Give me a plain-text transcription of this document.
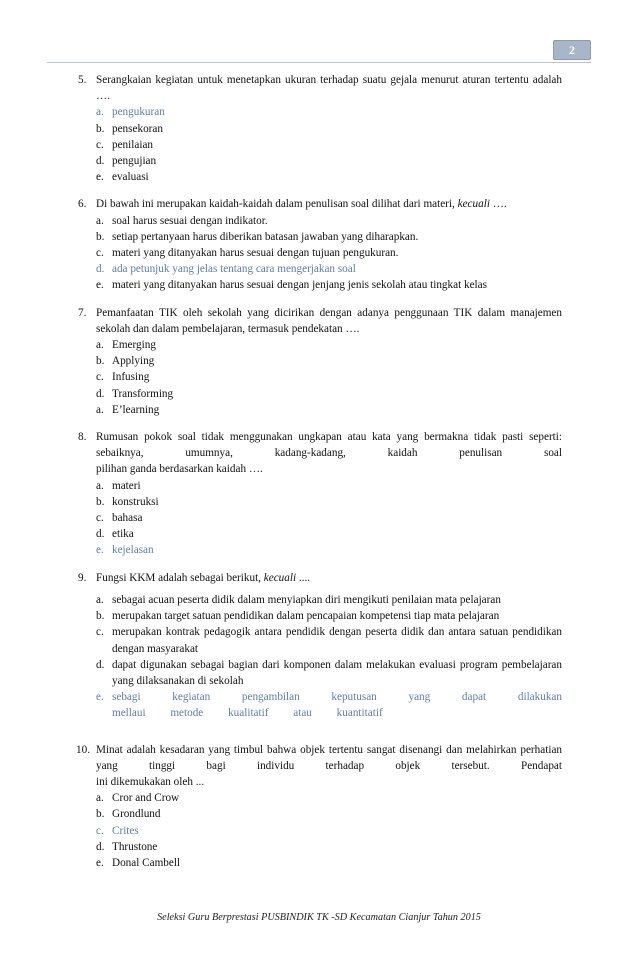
2
5. Serangkaian kegiatan untuk menetapkan ukuran terhadap suatu gejala menurut aturan tertentu adalah ….
a. pengukuran
b. pensekoran
c. penilaian
d. pengujian
e. evaluasi
6. Di bawah ini merupakan kaidah-kaidah dalam penulisan soal dilihat dari materi, kecuali ….
a. soal harus sesuai dengan indikator.
b. setiap pertanyaan harus diberikan batasan jawaban yang diharapkan.
c. materi yang ditanyakan harus sesuai dengan tujuan pengukuran.
d. ada petunjuk yang jelas tentang cara mengerjakan soal
e. materi yang ditanyakan harus sesuai dengan jenjang jenis sekolah atau tingkat kelas
7. Pemanfaatan TIK oleh sekolah yang dicirikan dengan adanya penggunaan TIK dalam manajemen sekolah dan dalam pembelajaran, termasuk pendekatan ….
a. Emerging
b. Applying
c. Infusing
d. Transforming
a. E’learning
8. Rumusan pokok soal tidak menggunakan ungkapan atau kata yang bermakna tidak pasti seperti: sebaiknya, umumnya, kadang-kadang, kaidah penulisan soal
pilihan ganda berdasarkan kaidah ….
a. materi
b. konstruksi
c. bahasa
d. etika
e. kejelasan
9. Fungsi KKM adalah sebagai berikut, kecuali ....
a. sebagai acuan peserta didik dalam menyiapkan diri mengikuti penilaian mata pelajaran
b. merupakan target satuan pendidikan dalam pencapaian kompetensi tiap mata pelajaran
c. merupakan kontrak pedagogik antara pendidik dengan peserta didik dan antara satuan pendidikan dengan masyarakat
d. dapat digunakan sebagai bagian dari komponen dalam melakukan evaluasi program pembelajaran yang dilaksanakan di sekolah
e. sebagi kegiatan pengambilan keputusan yang dapat dilakukan mellaui metode kualitatif atau kuantitatif
10. Minat adalah kesadaran yang timbul bahwa objek tertentu sangat disenangi dan melahirkan perhatian yang tinggi bagi individu terhadap objek tersebut. Pendapat
ini dikemukakan oleh ...
a. Cror and Crow
b. Grondlund
c. Crites
d. Thrustone
e. Donal Cambell
Seleksi Guru Berprestasi PUSBINDIK TK -SD Kecamatan Cianjur Tahun 2015
